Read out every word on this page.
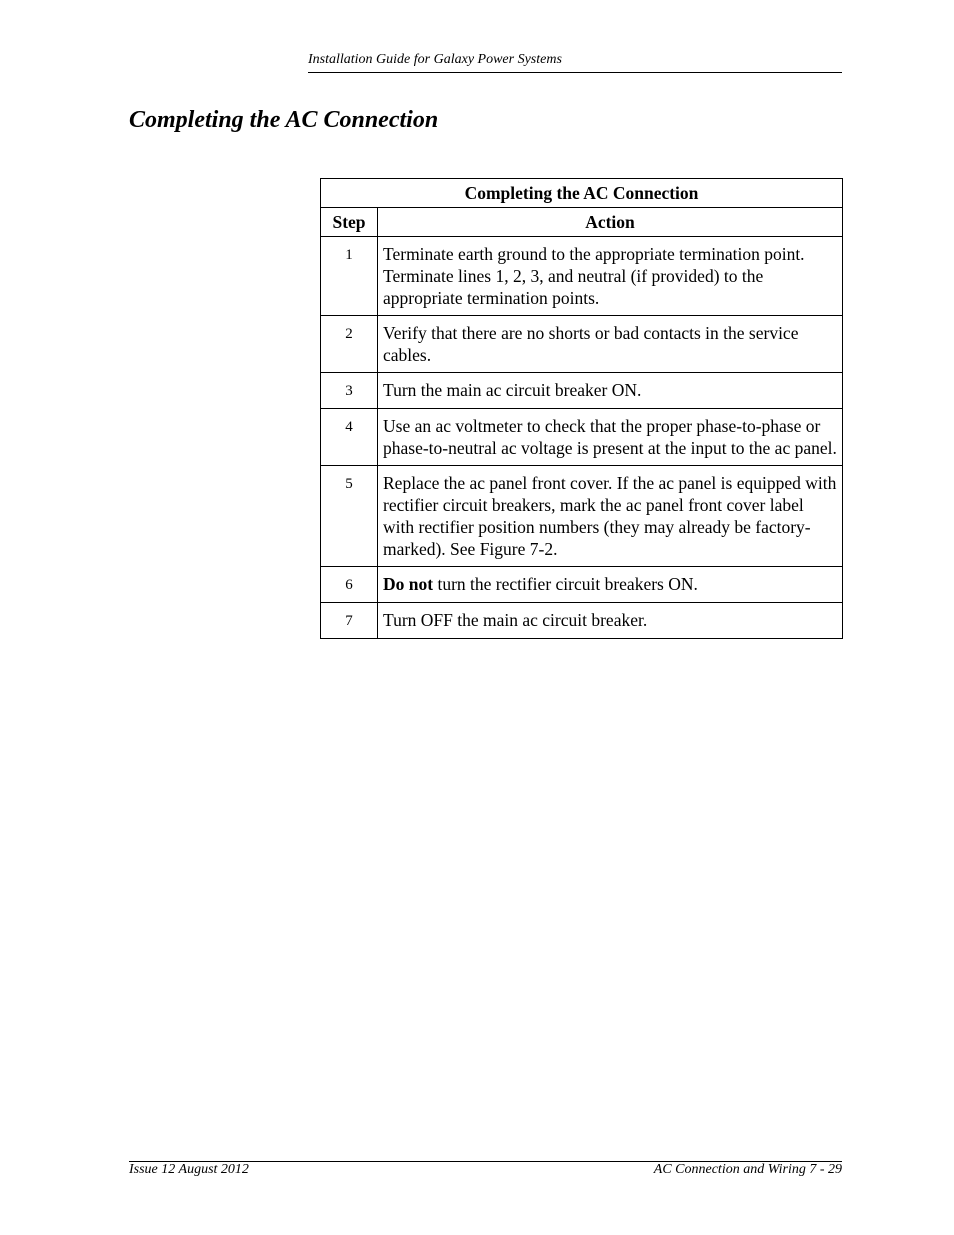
Installation Guide for Galaxy Power Systems
Completing the AC Connection
Completing the AC Connection	
Step	Action
1	Terminate earth ground to the appropriate termination point. Terminate lines 1, 2, 3, and neutral (if provided) to the appropriate termination points.
2	Verify that there are no shorts or bad contacts in the service cables.
3	Turn the main ac circuit breaker ON.
4	Use an ac voltmeter to check that the proper phase-to-phase or phase-to-neutral ac voltage is present at the input to the ac panel.
5	Replace the ac panel front cover. If the ac panel is equipped with rectifier circuit breakers, mark the ac panel front cover label with rectifier position numbers (they may already be factory-marked). See Figure 7-2.
6	Do not turn the rectifier circuit breakers ON.
7	Turn OFF the main ac circuit breaker.
Issue 12 August 2012	AC Connection and Wiring 7 - 29
